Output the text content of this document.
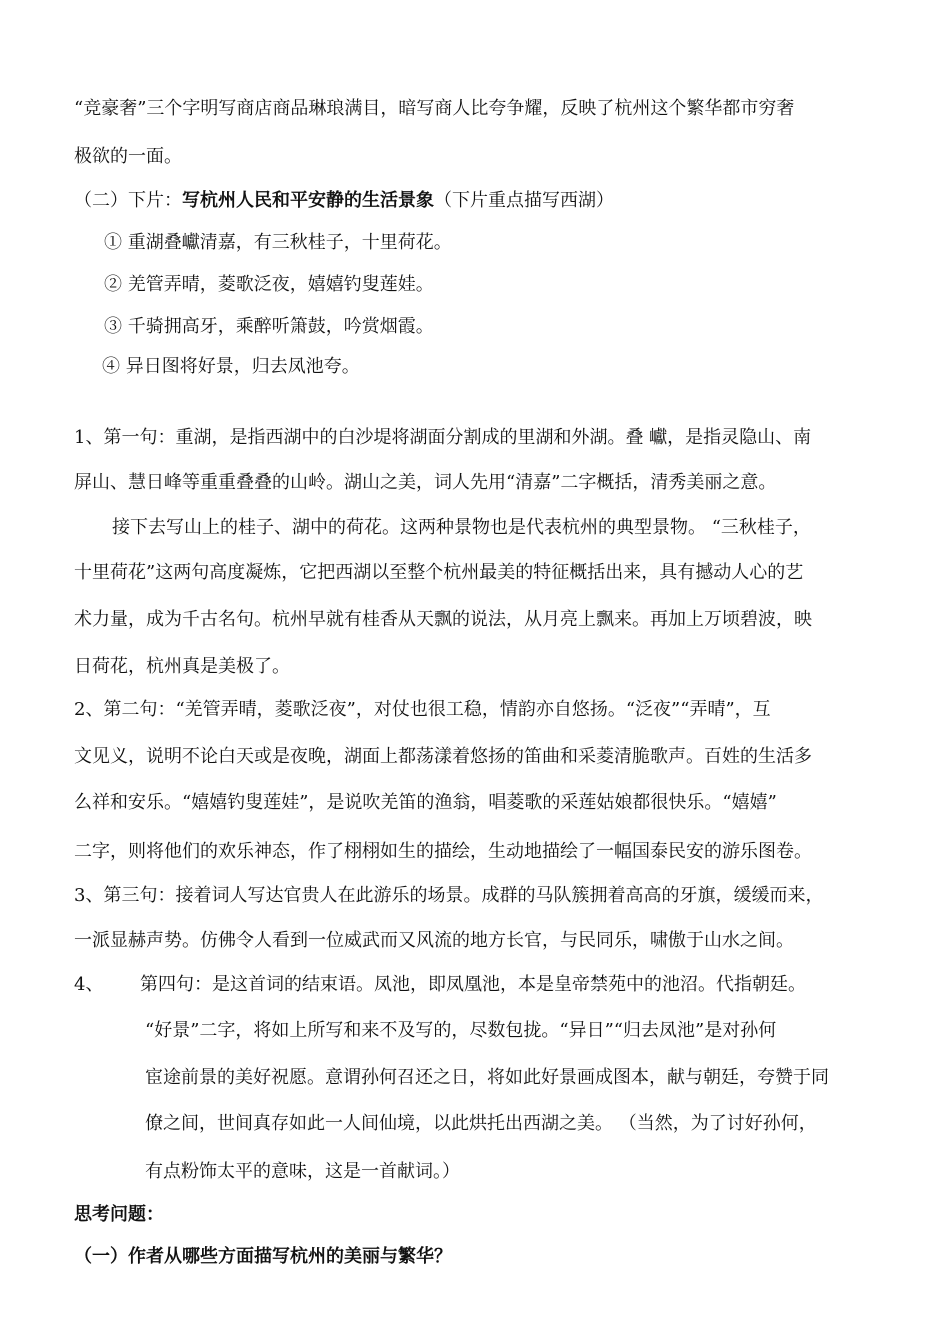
“竞豪奢”三个字明写商店商品琳琅满目，暗写商人比夸争耀，反映了杭州这个繁华都市穷奢
极欲的一面。
（二）下片：写杭州人民和平安静的生活景象（下片重点描写西湖）
① 重湖叠巘清嘉，有三秋桂子，十里荷花。
② 羌管弄晴，菱歌泛夜，嬉嬉钓叟莲娃。
③ 千骑拥高牙，乘醉听箫鼓，吟赏烟霞。
④ 异日图将好景，归去凤池夸。
1、第一句：重湖，是指西湖中的白沙堤将湖面分割成的里湖和外湖。叠 巘，是指灵隐山、南
屏山、慧日峰等重重叠叠的山岭。湖山之美，词人先用“清嘉”二字概括，清秀美丽之意。
接下去写山上的桂子、湖中的荷花。这两种景物也是代表杭州的典型景物。 “三秋桂子，
十里荷花”这两句高度凝炼，它把西湖以至整个杭州最美的特征概括出来，具有撼动人心的艺
术力量，成为千古名句。杭州早就有桂香从天飘的说法，从月亮上飘来。再加上万顷碧波，映
日荷花，杭州真是美极了。
2、第二句：“羌管弄晴，菱歌泛夜”，对仗也很工稳，情韵亦自悠扬。“泛夜”“弄晴”，互
文见义，说明不论白天或是夜晚，湖面上都荡漾着悠扬的笛曲和采菱清脆歌声。百姓的生活多
么祥和安乐。“嬉嬉钓叟莲娃”，是说吹羌笛的渔翁，唱菱歌的采莲姑娘都很快乐。“嬉嬉”
二字，则将他们的欢乐神态，作了栩栩如生的描绘，生动地描绘了一幅国泰民安的游乐图卷。
3、第三句：接着词人写达官贵人在此游乐的场景。成群的马队簇拥着高高的牙旗，缓缓而来，
一派显赫声势。仿佛令人看到一位威武而又风流的地方长官，与民同乐，啸傲于山水之间。
4、 第四句：是这首词的结束语。凤池，即凤凰池，本是皇帝禁苑中的池沼。代指朝廷。
“好景”二字，将如上所写和来不及写的，尽数包拢。“异日”“归去凤池”是对孙何
宦途前景的美好祝愿。意谓孙何召还之日，将如此好景画成图本，献与朝廷，夸赞于同
僚之间，世间真存如此一人间仙境，以此烘托出西湖之美。 （当然，为了讨好孙何，
有点粉饰太平的意味，这是一首献词。）
思考问题：
（一）作者从哪些方面描写杭州的美丽与繁华？
